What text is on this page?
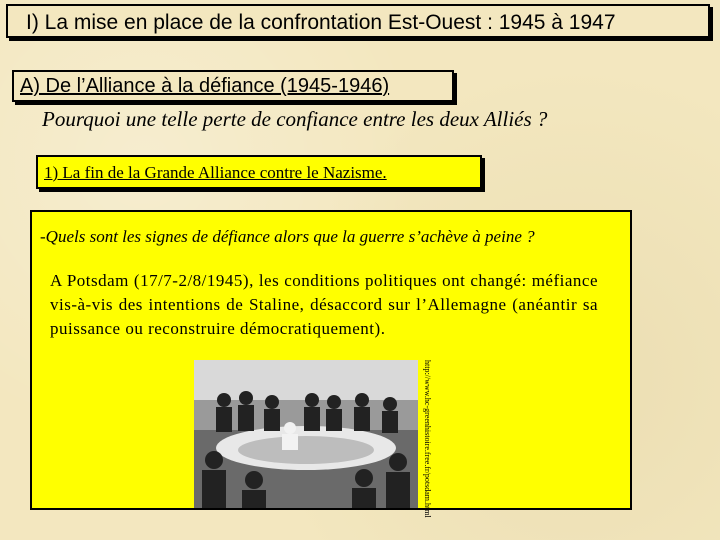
I) La mise en place de la confrontation Est-Ouest : 1945 à 1947
A) De l’Alliance à la défiance (1945-1946)
Pourquoi une telle perte de confiance entre les deux Alliés ?
1) La fin de la Grande Alliance contre le Nazisme.
-Quels sont les signes de défiance alors que la guerre s’achève à peine ?
A Potsdam (17/7-2/8/1945), les conditions politiques ont changé: méfiance vis-à-vis des intentions de Staline, désaccord sur l’Allemagne (anéantir sa puissance ou reconstruire démocratiquement).
http://www.hc-greenhistoire.free.fr/potsdam.html
